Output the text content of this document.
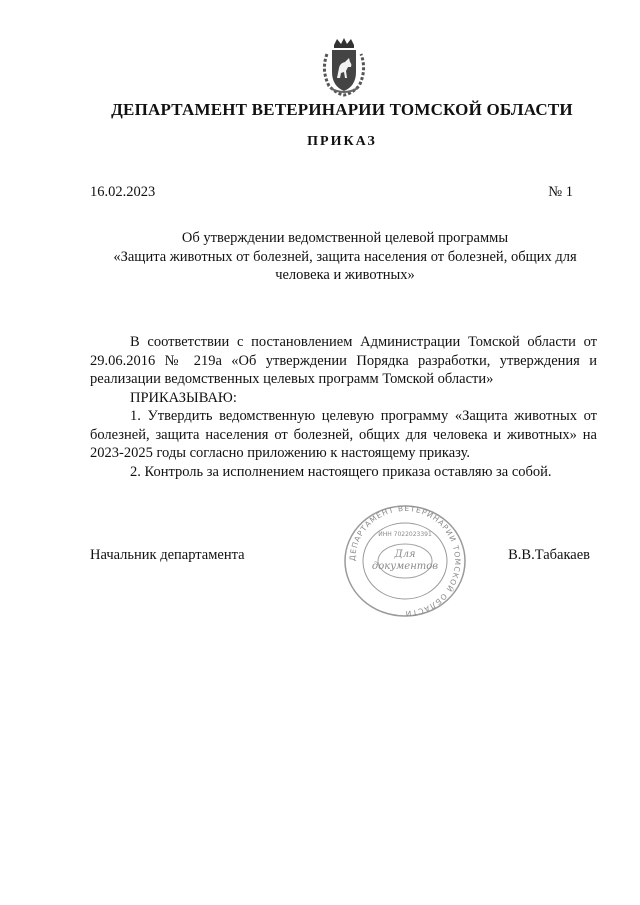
ДЕПАРТАМЕНТ ВЕТЕРИНАРИИ ТОМСКОЙ ОБЛАСТИ
ПРИКАЗ
16.02.2023	№ 1
Об утверждении ведомственной целевой программы
«Защита животных от болезней, защита населения от болезней, общих для человека и животных»

В соответствии с постановлением Администрации Томской области от 29.06.2016 № 219а «Об утверждении Порядка разработки, утверждения и реализации ведомственных целевых программ Томской области»

ПРИКАЗЫВАЮ:

1. Утвердить ведомственную целевую программу «Защита животных от болезней, защита населения от болезней, общих для человека и животных» на 2023-2025 годы согласно приложению к настоящему приказу.

2. Контроль за исполнением настоящего приказа оставляю за собой.

Начальник департамента	ДЕПАРТАМЕНТ ВЕТЕРИНАРИИ ТОМСКОЙ ОБЛАСТИ
ИНН 7022023391
Для
документов
В.В.Табакаев
